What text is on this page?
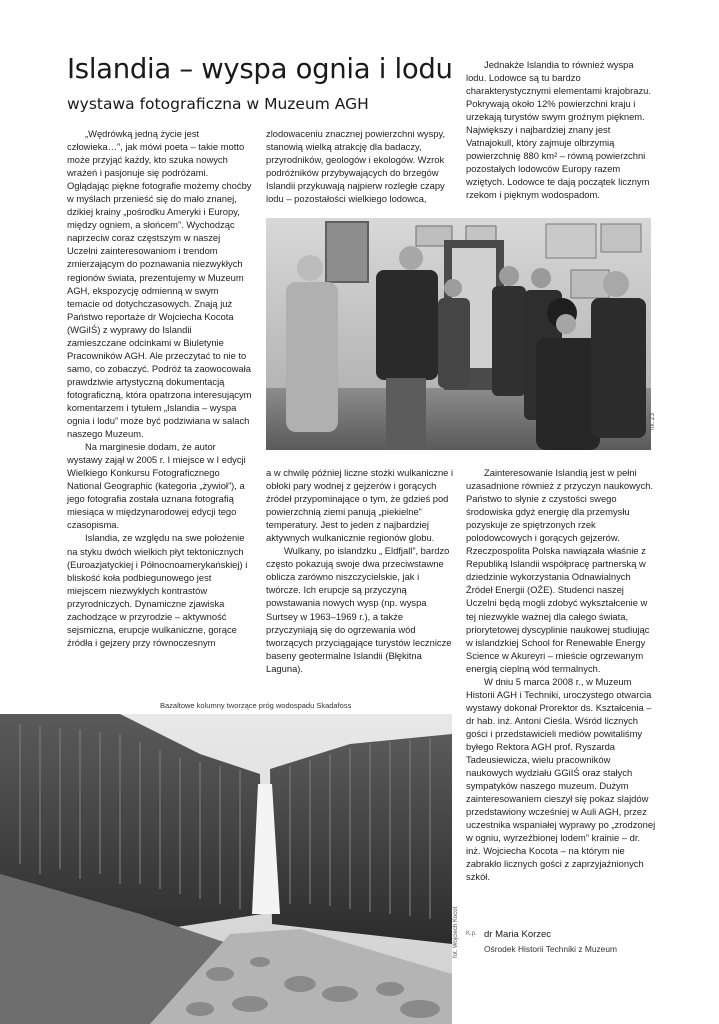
Islandia – wyspa ognia i lodu
wystawa fotograficzna w Muzeum AGH

„Wędrówką jedną życie jest człowieka…”, jak mówi poeta – takie motto może przyjąć każdy, kto szuka nowych wrażeń i pasjonuje się podróżami. Oglądając piękne fotografie możemy choćby w myślach przenieść się do mało znanej, dzikiej krainy „pośrodku Ameryki i Europy, między ogniem, a słońcem”. Wychodząc naprzeciw coraz częstszym w naszej Uczelni zainteresowaniom i trendom zmierzającym do poznawania niezwykłych regionów świata, prezentujemy w Muzeum AGH, ekspozycję odmienną w swym temacie od dotychczasowych. Znają już Państwo reportaże dr Wojciecha Kocota (WGiIŚ) z wyprawy do Islandii zamieszczane odcinkami w Biuletynie Pracowników AGH. Ale przeczytać to nie to samo, co zobaczyć. Podróż ta zaowocowała prawdziwie artystyczną dokumentacją fotograficzną, która opatrzona interesującym komentarzem i tytułem „Islandia – wyspa ognia i lodu” może być podziwiana w salach naszego Muzeum.

Na marginesie dodam, że autor wystawy zajął w 2005 r. I miejsce w I edycji Wielkiego Konkursu Fotograficznego National Geographic (kategoria „żywioł”), a jego fotografia została uznana fotografią miesiąca w międzynarodowej edycji tego czasopisma.

Islandia, ze względu na swe położenie na styku dwóch wielkich płyt tektonicznych (Euroazjatyckiej i Północnoamerykańskiej) i bliskość koła podbiegunowego jest miejscem niezwykłych kontrastów przyrodniczych. Dynamiczne zjawiska zachodzące w przyrodzie – aktywność sejsmiczna, erupcje wulkaniczne, gorące źródła i gejzery przy równoczesnym

zlodowaceniu znacznej powierzchni wyspy, stanowią wielką atrakcję dla badaczy, przyrodników, geologów i ekologów. Wzrok podróżników przybywających do brzegów Islandii przykuwają najpierw rozległe czapy lodu – pozostałości wielkiego lodowca,

Jednakże Islandia to również wyspa lodu. Lodowce są tu bardzo charakterystycznymi elementami krajobrazu. Pokrywają około 12% powierzchni kraju i urzekają turystów swym groźnym pięknem. Największy i najbardziej znany jest Vatnajokull, który zajmuje olbrzymią powierzchnię 880 km² – równą powierzchni pozostałych lodowców Europy razem wziętych. Lodowce te dają początek licznym rzekom i pięknym wodospadom.

fot. Z3

a w chwilę później liczne stożki wulkaniczne i obłoki pary wodnej z gejzerów i gorących źródeł przypominające o tym, że gdzieś pod powierzchnią ziemi panują „piekielne” temperatury. Jest to jeden z najbardziej aktywnych wulkanicznie regionów globu.

Wulkany, po islandzku „ Eldfjall”, bardzo często pokazują swoje dwa przeciwstawne oblicza zarówno niszczycielskie, jak i twórcze. Ich erupcje są przyczyną powstawania nowych wysp (np. wyspa Surtsey w 1963–1969 r.), a także przyczyniają się do ogrzewania wód tworzących przyciągające turystów lecznicze baseny geotermalne Islandii (Błękitna Laguna).

Zainteresowanie Islandią jest w pełni uzasadnione również z przyczyn naukowych. Państwo to słynie z czystości swego środowiska gdyż energię dla przemysłu pozyskuje ze spiętrzonych rzek polodowcowych i gorących gejzerów. Rzeczpospolita Polska nawiązała właśnie z Republiką Islandii współpracę partnerską w dziedzinie wykorzystania Odnawialnych Źródeł Energii (OŹE). Studenci naszej Uczelni będą mogli zdobyć wykształcenie w tej niezwykle ważnej dla całego świata, priorytetowej dyscyplinie naukowej studiując w islandzkiej School for Renewable Energy Science w Akureyri – mieście ogrzewanym energią cieplną wód termalnych.

W dniu 5 marca 2008 r., w Muzeum Historii AGH i Techniki, uroczystego otwarcia wystawy dokonał Prorektor ds. Kształcenia – dr hab. inż. Antoni Cieśla. Wśród licznych gości i przedstawicieli mediów powitaliśmy byłego Rektora AGH prof. Ryszarda Tadeusiewicza, wielu pracowników naukowych wydziału GGiIŚ oraz stałych sympatyków naszego muzeum. Dużym zainteresowaniem cieszył się pokaz slajdów przedstawiony wcześniej w Auli AGH, przez uczestnika wspaniałej wyprawy po „zrodzonej w ogniu, wyrzeźbionej lodem” krainie – dr. inż. Wojciecha Kocota – na którym nie zabrakło licznych gości z zaprzyjaźnionych szkół.

Bazaltowe kolumny tworzące próg wodospadu Skadafoss
fot. Wojciech Kocot K.p. dr Maria Korzec
Ośrodek Historii Techniki z Muzeum
